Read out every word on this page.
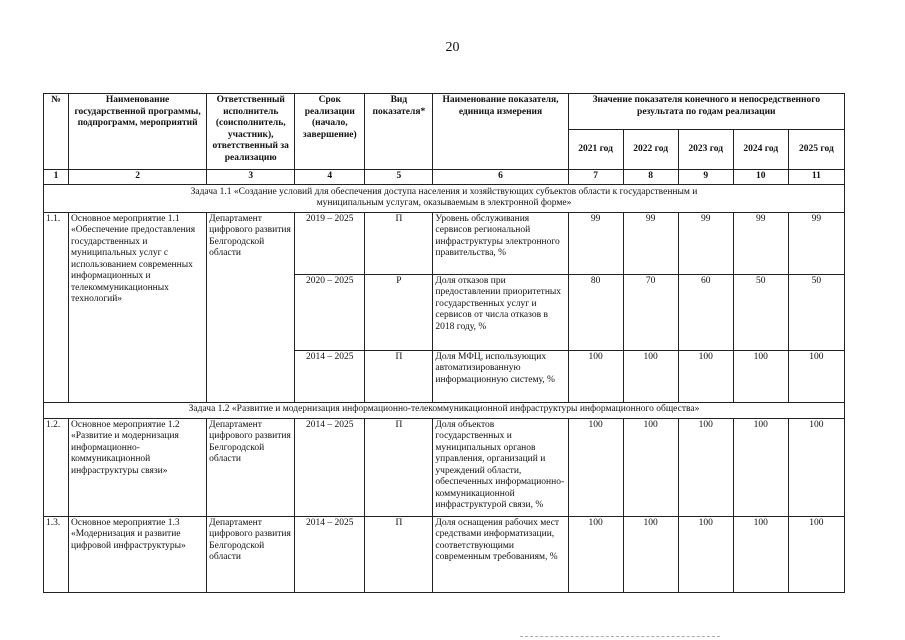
20
№	Наименование государственной программы, подпрограмм, мероприятий	Ответственный исполнитель (соисполнитель, участник), ответственный за реализацию	Срок реализации (начало, завершение)	Вид показателя*	Наименование показателя, единица измерения	Значение показателя конечного и непосредственного результата по годам реализации				
						2021 год	2022 год	2023 год	2024 год	2025 год
1	2	3	4	5	6	7	8	9	10	11
Задача 1.1 «Создание условий для обеспечения доступа населения и хозяйствующих субъектов области к государственным и муниципальным услугам, оказываемым в электронной форме»										
1.1.	Основное мероприятие 1.1 «Обеспечение предоставления государственных и муниципальных услуг с использованием современных информационных и телекоммуникационных технологий»	Департамент цифрового развития Белгородской области	2019 – 2025	П	Уровень обслуживания сервисов региональной инфраструктуры электронного правительства, %	99	99	99	99	99
			2020 – 2025	Р	Доля отказов при предоставлении приоритетных государственных услуг и сервисов от числа отказов в 2018 году, %	80	70	60	50	50
			2014 – 2025	П	Доля МФЦ, использующих автоматизированную информационную систему, %	100	100	100	100	100
Задача 1.2 «Развитие и модернизация информационно-телекоммуникационной инфраструктуры информационного общества»										
1.2.	Основное мероприятие 1.2 «Развитие и модернизация информационно-коммуникационной инфраструктуры связи»	Департамент цифрового развития Белгородской области	2014 – 2025	П	Доля объектов государственных и муниципальных органов управления, организаций и учреждений области, обеспеченных информационно-коммуникационной инфраструктурой связи, %	100	100	100	100	100
1.3.	Основное мероприятие 1.3 «Модернизация и развитие цифровой инфраструктуры»	Департамент цифрового развития Белгородской области	2014 – 2025	П	Доля оснащения рабочих мест средствами информатизации, соответствующими современным требованиям, %	100	100	100	100	100
